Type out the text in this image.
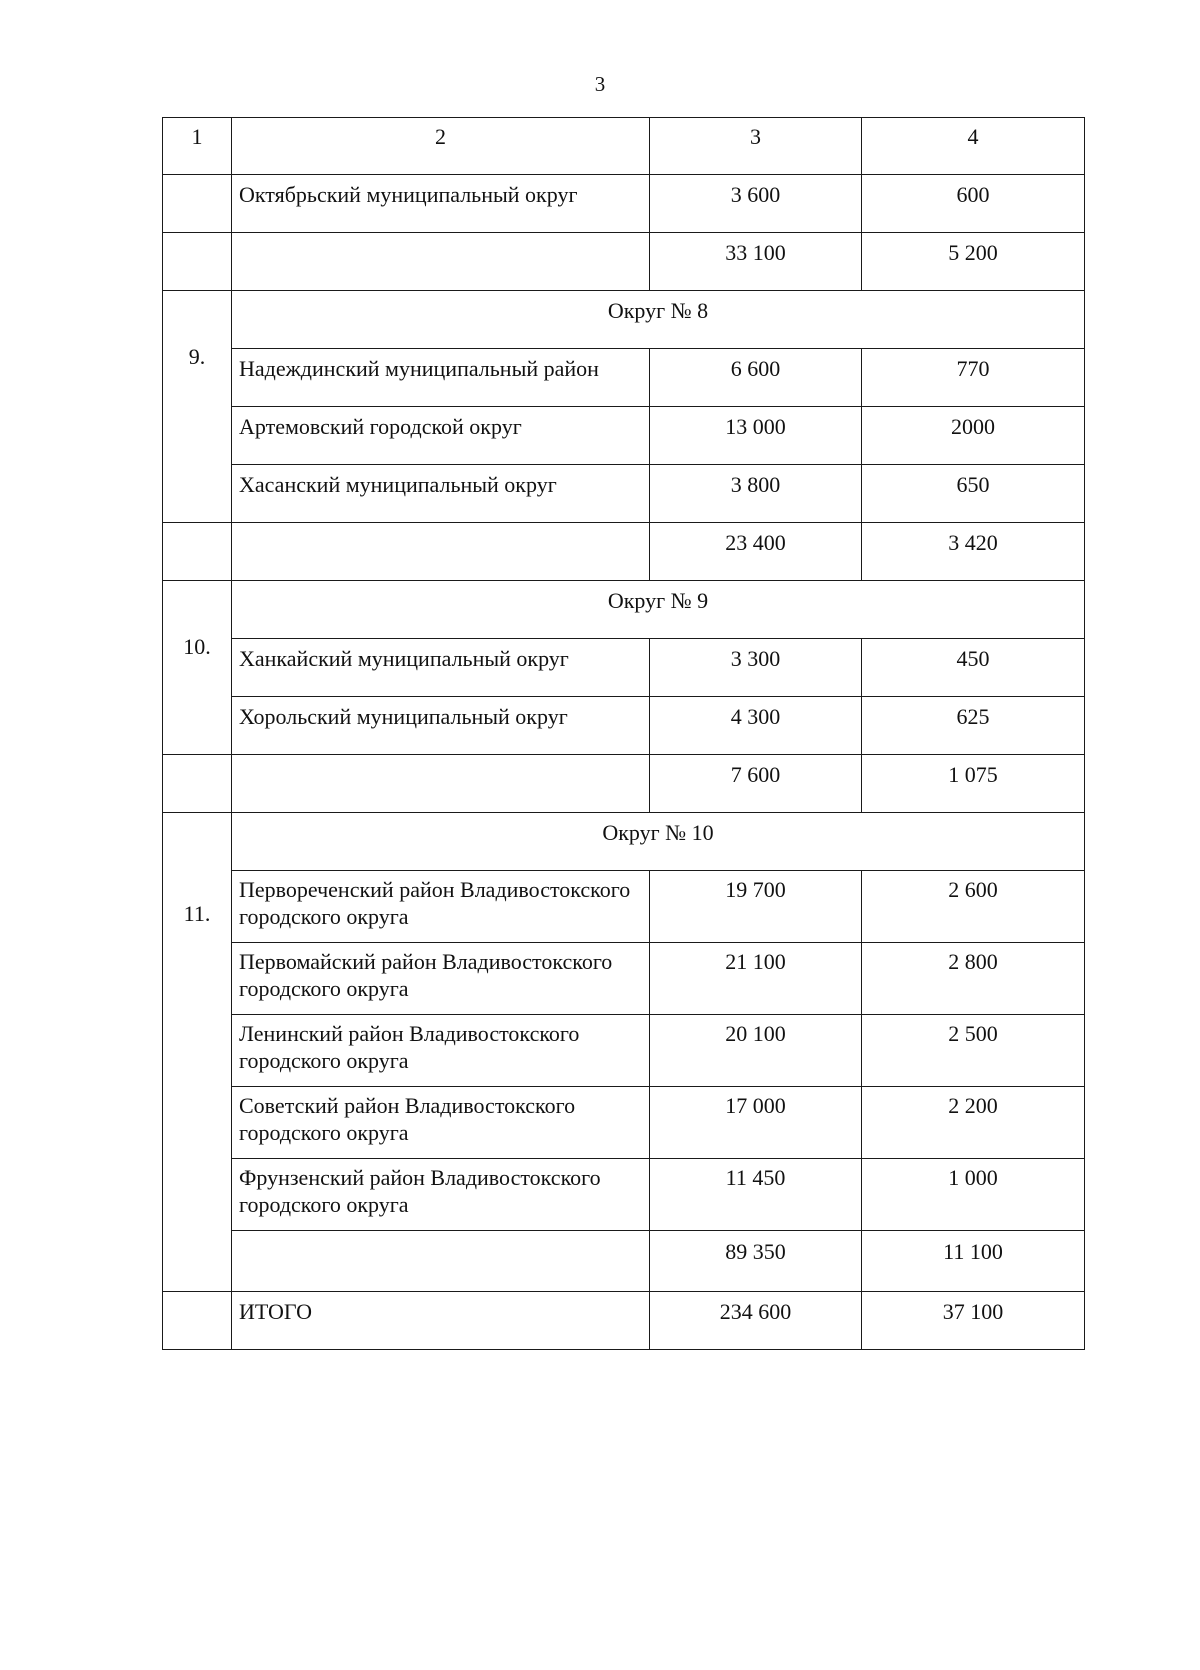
3
1	2	3	4
	Октябрьский муниципальный округ	3 600	600
		33 100	5 200
9.	Округ № 8		
	Надеждинский муниципальный район	6 600	770
	Артемовский городской округ	13 000	2000
	Хасанский муниципальный округ	3 800	650
		23 400	3 420
10.	Округ № 9		
	Ханкайский муниципальный округ	3 300	450
	Хорольский муниципальный округ	4 300	625
		7 600	1 075
11.	Округ № 10		
	Первореченский район Владивостокского городского округа	19 700	2 600
	Первомайский район Владивостокского городского округа	21 100	2 800
	Ленинский район Владивостокского городского округа	20 100	2 500
	Советский район Владивостокского городского округа	17 000	2 200
	Фрунзенский район Владивостокского городского округа	11 450	1 000
		89 350	11 100
	ИТОГО	234 600	37 100
